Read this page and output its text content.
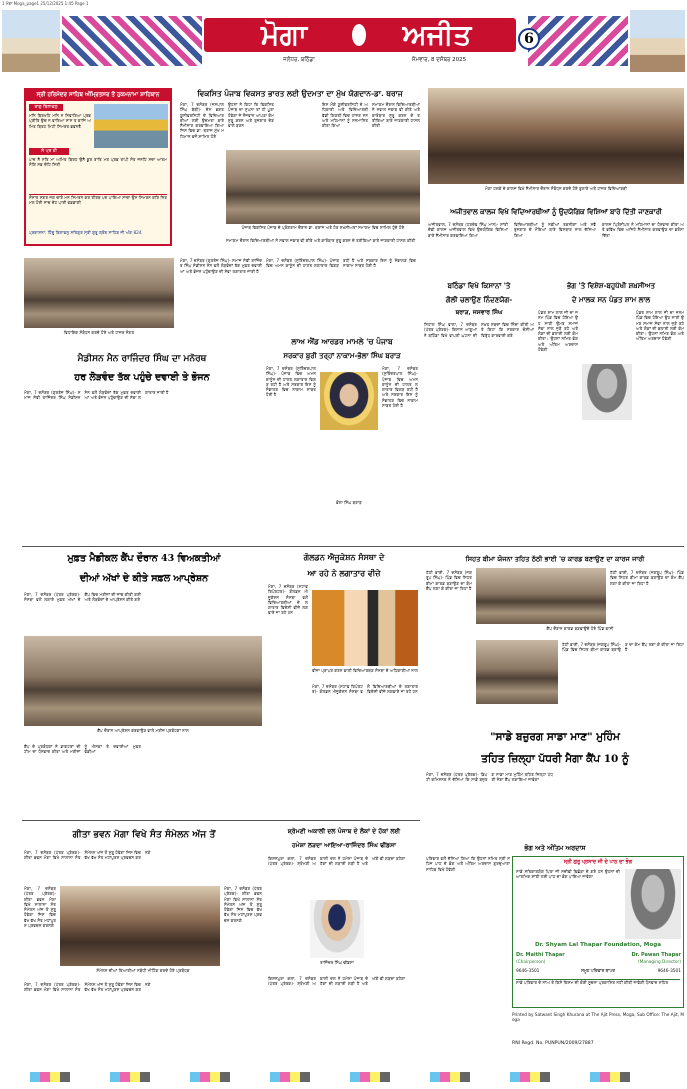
1 ਮੋਗਾ Moga_page1 25/12/2025 1:45 Page 1
ਮੋਗਾ	ਅਜੀਤ
ਜਲੰਧਰ, ਬਠਿੰਡਾ	ਸੋਮਵਾਰ, 8 ਦਸੰਬਰ 2025
6
ਸ੍ਰੀ ਹਰਿਮੰਦਰ ਸਾਹਿਬ ਅੰਮ੍ਰਿਤਸਰ ਤੋਂ ਹੁਕਮਨਾਮਾ ਸ਼ਾਹਿਬਾਨ
ਰਾਗੁ ਬਿਲਾਵਲੁ
ਮਨਿ ਬਿਰਖਹਿ ਮਨਿ ਨ ਨਿਵਾਰਿਆ ਪ੍ਰਭ ਪ੍ਰੀਤਿ ਉਚ ਨ ਵਾਰਿਆ ਸਾਸ ਤ ਕਾਜਿ ਅਮਿਤ ਬਿਰਹ ਮਿਟੀ ਸਿਮਰਤ ਭਵਨਤੈ
ਸੋ ਪ੍ਰ ਹੀ
ਪਾਦ ਨੈ ਸਤਿ ਮਾ ਅਮਿਤ ਬਿਰਹ ਉਨੈ ਕੂਰ ਰਾਤਿ ਮਤ ਪ੍ਰਭ ਤਾਪੀ ਸੰਤ ਜਨਹਿ ਸਦਾ ਆਤਮ ਸੰਗਿ ਸਭ ਦੇਹਿ ਸਿਰੀ
ਸੰਸਾਰ ਸਗਰ ਜਗ ਚਾਰੇ ਮਨ ਸਿਮਰਨ ਕਰ ਤੀਰਥ ਪਦ ਪਾਇਆ ਸਾਚਾ ਉਸ ਸਿਮਰਨ ਕਰਿ ਨਿਰਮਲ ਹੋਈ ਸਾਚ ਦੇਹ ਪਾਈ ਵਡਭਾਗੀ
ਪ੍ਰਕਾਸ਼ਨਾ: ਹਿੰਦੂ ਬਿਲਾਵਲੁ ਸਤਿਗੁਰ ਸ੍ਰੀ ਗੁਰੂ ਗ੍ਰੰਥ ਸਾਹਿਬ ਜੀ ਅੰਗ 824
ਵਿਕਸਿਤ ਪੰਜਾਬ ਵਿਕਸਤ ਭਾਰਤ ਲਈ ਉਦਮਤਾ ਦਾ ਮੁੱਖ ਯੋਗਦਾਨ-ਡਾ. ਥਰਾਜ
ਮੋਗਾ, 7 ਦਸੰਬਰ (ਜਸਪਾਲ ਸਿੰਘ ਬੱਬੀ)- ਦੇਸ ਭਗਤ ਯੂਨੀਵਰਸਿਟੀ ਦੇ ਵਿਦਿਆਰਥੀਆਂ ਲਈ ਉਦਮਤਾ ਬਾਰੇ ਸੈਮੀਨਾਰ ਕਰਵਾਇਆ ਗਿਆ ਜਿਸ ਵਿਚ ਡਾ. ਥਰਾਜ ਮੁੱਖ ਮਹਿਮਾਨ ਵਜੋਂ ਸ਼ਾਮਿਲ ਹੋਏ
ਉਹਨਾਂ ਨੇ ਕਿਹਾ ਕਿ ਵਿਕਸਿਤ ਪੰਜਾਬ ਦਾ ਸੁਪਨਾ ਤਾਂ ਹੀ ਪੂਰਾ ਹੋਵੇਗਾ ਜੇ ਨੌਜਵਾਨ ਆਪਣਾ ਕੰਮ ਸ਼ੁਰੂ ਕਰਨ ਅਤੇ ਰੁਜ਼ਗਾਰ ਦੇਣ ਵਾਲੇ ਬਣਨ
ਇਸ ਮੌਕੇ ਯੂਨੀਵਰਸਿਟੀ ਦੇ ਅਧਿਕਾਰੀ ਅਤੇ ਵਿਦਿਆਰਥੀ ਵੱਡੀ ਗਿਣਤੀ ਵਿਚ ਹਾਜ਼ਰ ਸਨ ਅਤੇ ਮਹਿਮਾਨਾਂ ਨੂੰ ਸਨਮਾਨਿਤ ਕੀਤਾ ਗਿਆ
ਸਮਾਗਮ ਦੌਰਾਨ ਵਿਦਿਆਰਥੀਆਂ ਨੇ ਸਵਾਲ ਜਵਾਬ ਵੀ ਕੀਤੇ ਅਤੇ ਕਾਰੋਬਾਰ ਸ਼ੁਰੂ ਕਰਨ ਦੇ ਤਰੀਕਿਆਂ ਬਾਰੇ ਜਾਣਕਾਰੀ ਹਾਸਲ ਕੀਤੀ
ਪੰਜਾਬ ਵਿਕਸਿਤ ਪੰਜਾਬ ਦੇ ਪ੍ਰੋਗਰਾਮ ਦੌਰਾਨ ਡਾ. ਥਰਾਜ ਅਤੇ ਹੋਰ ਸ਼ਖ਼ਸੀਅਤਾਂ ਸਮਾਗਮ ਵਿਚ ਸ਼ਾਮਿਲ ਹੁੰਦੇ ਹੋਏ
ਸਮਾਗਮ ਦੌਰਾਨ ਵਿਦਿਆਰਥੀਆਂ ਨੇ ਸਵਾਲ ਜਵਾਬ ਵੀ ਕੀਤੇ ਅਤੇ ਕਾਰੋਬਾਰ ਸ਼ੁਰੂ ਕਰਨ ਦੇ ਤਰੀਕਿਆਂ ਬਾਰੇ ਜਾਣਕਾਰੀ ਹਾਸਲ ਕੀਤੀ
ਮੋਗਾ ਹਲਕੇ ਦੇ ਕਾਲਜ ਵਿਖੇ ਸੈਮੀਨਾਰ ਦੌਰਾਨ ਸੰਬੋਧਨ ਕਰਦੇ ਹੋਏ ਬੁਲਾਰੇ ਅਤੇ ਹਾਜ਼ਰ ਵਿਦਿਆਰਥੀ
ਅਜੀਤਵਾਲ ਕਾਲਜ ਵਿਖੇ ਵਿਦਿਆਰਥੀਆਂ ਨੂੰ ਉਦਯੋਗਿਕ ਵਿਸ਼ਿਆਂ ਬਾਰੇ ਦਿੱਤੀ ਜਾਣਕਾਰੀ
ਅਜੀਤਵਾਲ, 7 ਦਸੰਬਰ (ਹਰਦੇਵ ਸਿੰਘ ਮਾਨ)- ਸ਼ਾਂਤੀ ਦੇਵੀ ਕਾਲਜ ਅਜੀਤਵਾਲ ਵਿਖੇ ਉਦਯੋਗਿਕ ਵਿਸ਼ਿਆਂ ਬਾਰੇ ਸੈਮੀਨਾਰ ਕਰਵਾਇਆ ਗਿਆ
ਵਿਦਿਆਰਥੀਆਂ ਨੂੰ ਨਵੀਆਂ ਤਕਨੀਕਾਂ ਅਤੇ ਸਵੈ ਰੁਜ਼ਗਾਰ ਦੇ ਮੌਕਿਆਂ ਬਾਰੇ ਵਿਸਥਾਰ ਨਾਲ ਦੱਸਿਆ ਗਿਆ
ਕਾਲਜ ਪ੍ਰਿੰਸੀਪਲ ਨੇ ਮਹਿਮਾਨਾਂ ਦਾ ਧੰਨਵਾਦ ਕੀਤਾ ਅਤੇ ਭਵਿੱਖ ਵਿਚ ਅਜਿਹੇ ਸੈਮੀਨਾਰ ਕਰਵਾਉਣ ਦਾ ਭਰੋਸਾ ਦਿੱਤਾ
ਵਿਧਾਇਕ ਸੰਬੋਧਨ ਕਰਦੇ ਹੋਏ ਅਤੇ ਹਾਜ਼ਰ ਸੰਗਤ
ਮੋਗਾ, 7 ਦਸੰਬਰ (ਗੁਰਤੇਜ ਸਿੰਘ)- ਸਮਾਜ ਸੇਵੀ ਰਾਜਿੰਦਰ ਸਿੰਘ ਮੈਡੀਸਨ ਮੈਨ ਵਲੋਂ ਲੋੜਵੰਦਾਂ ਤੱਕ ਮੁਫ਼ਤ ਦਵਾਈਆਂ ਅਤੇ ਭੋਜਨ ਪਹੁੰਚਾਉਣ ਦੀ ਸੇਵਾ ਲਗਾਤਾਰ ਜਾਰੀ ਹੈ
ਮੈਡੀਸਨ ਮੈਨ ਰਾਜਿੰਦਰ ਸਿੰਘ ਦਾ ਮਨੋਰਥ
ਹਰ ਲੋੜਵੰਦ ਤੱਕ ਪਹੁੰਚੇ ਦਵਾਈ ਤੇ ਭੋਜਨ
ਮੋਗਾ, 7 ਦਸੰਬਰ (ਗੁਰਤੇਜ ਸਿੰਘ)- ਸਮਾਜ ਸੇਵੀ ਰਾਜਿੰਦਰ ਸਿੰਘ ਮੈਡੀਸਨ ਮੈਨ ਵਲੋਂ ਲੋੜਵੰਦਾਂ ਤੱਕ ਮੁਫ਼ਤ ਦਵਾਈਆਂ ਅਤੇ ਭੋਜਨ ਪਹੁੰਚਾਉਣ ਦੀ ਸੇਵਾ ਲਗਾਤਾਰ ਜਾਰੀ ਹੈ
ਮੋਗਾ, 7 ਦਸੰਬਰ (ਸੁਰਿੰਦਰਪਾਲ ਸਿੰਘ)- ਪੰਜਾਬ ਵਿਚ ਅਮਨ ਕਾਨੂੰਨ ਦੀ ਹਾਲਤ ਲਗਾਤਾਰ ਵਿਗੜ ਰਹੀ ਹੈ ਅਤੇ ਸਰਕਾਰ ਇਸ ਨੂੰ ਸੰਭਾਲਣ ਵਿਚ ਨਾਕਾਮ ਸਾਬਤ ਹੋਈ ਹੈ
ਲਾਅ ਐਂਡ ਆਰਡਰ ਮਾਮਲੇ 'ਚ ਪੰਜਾਬ
ਸਰਕਾਰ ਬੁਰੀ ਤਰ੍ਹਾਂ ਨਾਕਾਮ-ਭੋਲਾ ਸਿੰਘ ਬਰਾੜ
ਮੋਗਾ, 7 ਦਸੰਬਰ (ਸੁਰਿੰਦਰਪਾਲ ਸਿੰਘ)- ਪੰਜਾਬ ਵਿਚ ਅਮਨ ਕਾਨੂੰਨ ਦੀ ਹਾਲਤ ਲਗਾਤਾਰ ਵਿਗੜ ਰਹੀ ਹੈ ਅਤੇ ਸਰਕਾਰ ਇਸ ਨੂੰ ਸੰਭਾਲਣ ਵਿਚ ਨਾਕਾਮ ਸਾਬਤ ਹੋਈ ਹੈ
ਭੋਲਾ ਸਿੰਘ ਬਰਾੜ
ਮੋਗਾ, 7 ਦਸੰਬਰ (ਸੁਰਿੰਦਰਪਾਲ ਸਿੰਘ)- ਪੰਜਾਬ ਵਿਚ ਅਮਨ ਕਾਨੂੰਨ ਦੀ ਹਾਲਤ ਲਗਾਤਾਰ ਵਿਗੜ ਰਹੀ ਹੈ ਅਤੇ ਸਰਕਾਰ ਇਸ ਨੂੰ ਸੰਭਾਲਣ ਵਿਚ ਨਾਕਾਮ ਸਾਬਤ ਹੋਈ ਹੈ
ਬਠਿੰਡਾ ਵਿਖੇ ਕਿਸਾਨਾਂ 'ਤੇ
ਗੋਲੀ ਚਲਾਉਣ ਨਿੰਦਣਯੋਗ-
ਬਰਾੜ, ਜਸਵਾਰ ਸਿੰਘ
ਨਿਹਾਲ ਸਿੰਘ ਵਾਲਾ, 7 ਦਸੰਬਰ (ਪੱਤਰ ਪ੍ਰੇਰਕ)- ਕਿਸਾਨ ਆਗੂਆਂ ਨੇ ਬਠਿੰਡਾ ਵਿਖੇ ਵਾਪਰੀ ਘਟਨਾ ਦੀ ਸਖ਼ਤ ਸ਼ਬਦਾਂ ਵਿਚ ਨਿੰਦਾ ਕੀਤੀ ਅਤੇ ਕਿਹਾ ਕਿ ਸਰਕਾਰ ਦੋਸ਼ੀਆਂ ਵਿਰੁੱਧ ਕਾਰਵਾਈ ਕਰੇ
ਭੋਗ 'ਤੇ ਵਿਸ਼ੇਸ਼-ਬਹੁਪੱਖੀ ਸ਼ਖ਼ਸੀਅਤ
ਦੇ ਮਾਲਕ ਸਨ ਪੰਡਤ ਸ਼ਾਮ ਲਾਲ
ਪੰਡਤ ਸ਼ਾਮ ਲਾਲ ਜੀ ਦਾ ਜਨਮ ਪਿੰਡ ਵਿਚ ਹੋਇਆ ਉਹ ਸਾਰੀ ਉਮਰ ਸਮਾਜ ਸੇਵਾ ਨਾਲ ਜੁੜੇ ਰਹੇ ਅਤੇ ਲੋਕਾਂ ਦੀ ਭਲਾਈ ਲਈ ਕੰਮ ਕੀਤਾ। ਉਹਨਾਂ ਨਮਿਤ ਭੋਗ ਅਤੇ ਅੰਤਿਮ ਅਰਦਾਸ ਹੋਵੇਗੀ
ਪੰਡਤ ਸ਼ਾਮ ਲਾਲ ਜੀ ਦਾ ਜਨਮ ਪਿੰਡ ਵਿਚ ਹੋਇਆ ਉਹ ਸਾਰੀ ਉਮਰ ਸਮਾਜ ਸੇਵਾ ਨਾਲ ਜੁੜੇ ਰਹੇ ਅਤੇ ਲੋਕਾਂ ਦੀ ਭਲਾਈ ਲਈ ਕੰਮ ਕੀਤਾ। ਉਹਨਾਂ ਨਮਿਤ ਭੋਗ ਅਤੇ ਅੰਤਿਮ ਅਰਦਾਸ ਹੋਵੇਗੀ
ਮੁਫ਼ਤ ਮੈਡੀਕਲ ਕੈਂਪ ਦੌਰਾਨ 43 ਵਿਅਕਤੀਆਂ
ਦੀਆਂ ਅੱਖਾਂ ਦੇ ਕੀਤੇ ਸਫ਼ਲ ਆਪ੍ਰੇਸ਼ਨ
ਮੋਗਾ, 7 ਦਸੰਬਰ (ਪੱਤਰ ਪ੍ਰੇਰਕ)- ਸੰਸਥਾ ਵਲੋਂ ਲਗਾਏ ਮੁਫ਼ਤ ਅੱਖਾਂ ਦੇ ਕੈਂਪ ਵਿਚ ਮਰੀਜ਼ਾਂ ਦੀ ਜਾਂਚ ਕੀਤੀ ਗਈ ਅਤੇ ਲੋੜਵੰਦਾਂ ਦੇ ਆਪ੍ਰੇਸ਼ਨ ਕੀਤੇ ਗਏ
ਕੈਂਪ ਦੌਰਾਨ ਆਪ੍ਰੇਸ਼ਨ ਕਰਵਾਉਣ ਵਾਲੇ ਮਰੀਜ਼ ਪ੍ਰਬੰਧਕਾਂ ਨਾਲ
ਕੈਂਪ ਦੇ ਪ੍ਰਬੰਧਕਾਂ ਨੇ ਡਾਕਟਰਾਂ ਦੀ ਟੀਮ ਦਾ ਧੰਨਵਾਦ ਕੀਤਾ ਅਤੇ ਮਰੀਜ਼ਾਂ ਨੂੰ ਐਨਕਾਂ ਤੇ ਦਵਾਈਆਂ ਮੁਫ਼ਤ ਵੰਡੀਆਂ
ਗੋਲਡਨ ਐਜੂਕੇਸ਼ਨ ਸੰਸਥਾ ਦੇ
ਆ ਰਹੇ ਨੇ ਲਗਾਤਾਰ ਵੀਜ਼ੇ
ਮੋਗਾ, 7 ਦਸੰਬਰ (ਸਟਾਫ ਰਿਪੋਰਟਰ)- ਗੋਲਡਨ ਐਜੂਕੇਸ਼ਨ ਸੰਸਥਾ ਵਲੋਂ ਵਿਦਿਆਰਥੀਆਂ ਦੇ ਲਗਾਤਾਰ ਵਿਦੇਸ਼ੀ ਵੀਜ਼ੇ ਲਗਵਾਏ ਜਾ ਰਹੇ ਹਨ
ਵੀਜ਼ਾ ਪ੍ਰਾਪਤ ਕਰਨ ਵਾਲੀ ਵਿਦਿਆਰਥਣ ਸੰਸਥਾ ਦੇ ਅਧਿਕਾਰੀਆਂ ਨਾਲ
ਮੋਗਾ, 7 ਦਸੰਬਰ (ਸਟਾਫ ਰਿਪੋਰਟਰ)- ਗੋਲਡਨ ਐਜੂਕੇਸ਼ਨ ਸੰਸਥਾ ਵਲੋਂ ਵਿਦਿਆਰਥੀਆਂ ਦੇ ਲਗਾਤਾਰ ਵਿਦੇਸ਼ੀ ਵੀਜ਼ੇ ਲਗਵਾਏ ਜਾ ਰਹੇ ਹਨ
ਸਿਹਤ ਬੀਮਾ ਯੋਜਨਾ ਤਹਿਤ ਠੱਠੀ ਭਾਈ 'ਚ ਕਾਰਡ ਬਣਾਉਣ ਦਾ ਕਾਰਜ ਜਾਰੀ
ਠੱਠੀ ਭਾਈ, 7 ਦਸੰਬਰ (ਜਗਰੂਪ ਸਿੰਘ)- ਪਿੰਡ ਵਿਚ ਸਿਹਤ ਬੀਮਾ ਕਾਰਡ ਬਣਾਉਣ ਦਾ ਕੰਮ ਕੈਂਪ ਲਗਾ ਕੇ ਕੀਤਾ ਜਾ ਰਿਹਾ ਹੈ
ਠੱਠੀ ਭਾਈ, 7 ਦਸੰਬਰ (ਜਗਰੂਪ ਸਿੰਘ)- ਪਿੰਡ ਵਿਚ ਸਿਹਤ ਬੀਮਾ ਕਾਰਡ ਬਣਾਉਣ ਦਾ ਕੰਮ ਕੈਂਪ ਲਗਾ ਕੇ ਕੀਤਾ ਜਾ ਰਿਹਾ ਹੈ
ਕੈਂਪ ਦੌਰਾਨ ਕਾਰਡ ਬਣਵਾਉਂਦੇ ਹੋਏ ਪਿੰਡ ਵਾਸੀ
ਠੱਠੀ ਭਾਈ, 7 ਦਸੰਬਰ (ਜਗਰੂਪ ਸਿੰਘ)- ਪਿੰਡ ਵਿਚ ਸਿਹਤ ਬੀਮਾ ਕਾਰਡ ਬਣਾਉਣ ਦਾ ਕੰਮ ਕੈਂਪ ਲਗਾ ਕੇ ਕੀਤਾ ਜਾ ਰਿਹਾ ਹੈ
"ਸਾਡੇ ਬਜ਼ੁਰਗ ਸਾਡਾ ਮਾਣ" ਮੁਹਿੰਮ
ਤਹਿਤ ਜ਼ਿਲ੍ਹਾ ਪੱਧਰੀ ਮੈਗਾ ਕੈਂਪ 10 ਨੂੰ
ਮੋਗਾ, 7 ਦਸੰਬਰ (ਪੱਤਰ ਪ੍ਰੇਰਕ)- ਡਿਪਟੀ ਕਮਿਸ਼ਨਰ ਨੇ ਦੱਸਿਆ ਕਿ ਸਾਡੇ ਬਜ਼ੁਰਗ ਸਾਡਾ ਮਾਣ ਮੁਹਿੰਮ ਤਹਿਤ ਜ਼ਿਲ੍ਹਾ ਪੱਧਰੀ ਮੈਗਾ ਕੈਂਪ ਲਗਾਇਆ ਜਾਵੇਗਾ
ਗੀਤਾ ਭਵਨ ਮੋਗਾ ਵਿਖੇ ਸੰਤ ਸੰਮੇਲਨ ਅੱਜ ਤੋਂ
ਮੋਗਾ, 7 ਦਸੰਬਰ (ਪੱਤਰ ਪ੍ਰੇਰਕ)- ਗੀਤਾ ਭਵਨ ਮੋਗਾ ਵਿਖੇ ਸਾਲਾਨਾ ਸੰਤ ਸੰਮੇਲਨ ਅੱਜ ਤੋਂ ਸ਼ੁਰੂ ਹੋਵੇਗਾ ਜਿਸ ਵਿਚ ਵੱਖ ਵੱਖ ਸੰਤ ਮਹਾਂਪੁਰਸ਼ ਪ੍ਰਵਚਨ ਕਰਨਗੇ
ਮੋਗਾ, 7 ਦਸੰਬਰ (ਪੱਤਰ ਪ੍ਰੇਰਕ)- ਗੀਤਾ ਭਵਨ ਮੋਗਾ ਵਿਖੇ ਸਾਲਾਨਾ ਸੰਤ ਸੰਮੇਲਨ ਅੱਜ ਤੋਂ ਸ਼ੁਰੂ ਹੋਵੇਗਾ ਜਿਸ ਵਿਚ ਵੱਖ ਵੱਖ ਸੰਤ ਮਹਾਂਪੁਰਸ਼ ਪ੍ਰਵਚਨ ਕਰਨਗੇ
ਮੋਗਾ, 7 ਦਸੰਬਰ (ਪੱਤਰ ਪ੍ਰੇਰਕ)- ਗੀਤਾ ਭਵਨ ਮੋਗਾ ਵਿਖੇ ਸਾਲਾਨਾ ਸੰਤ ਸੰਮੇਲਨ ਅੱਜ ਤੋਂ ਸ਼ੁਰੂ ਹੋਵੇਗਾ ਜਿਸ ਵਿਚ ਵੱਖ ਵੱਖ ਸੰਤ ਮਹਾਂਪੁਰਸ਼ ਪ੍ਰਵਚਨ ਕਰਨਗੇ
ਸੰਮੇਲਨ ਦੀਆਂ ਤਿਆਰੀਆਂ ਸਬੰਧੀ ਮੀਟਿੰਗ ਕਰਦੇ ਹੋਏ ਪ੍ਰਬੰਧਕ
ਮੋਗਾ, 7 ਦਸੰਬਰ (ਪੱਤਰ ਪ੍ਰੇਰਕ)- ਗੀਤਾ ਭਵਨ ਮੋਗਾ ਵਿਖੇ ਸਾਲਾਨਾ ਸੰਤ ਸੰਮੇਲਨ ਅੱਜ ਤੋਂ ਸ਼ੁਰੂ ਹੋਵੇਗਾ ਜਿਸ ਵਿਚ ਵੱਖ ਵੱਖ ਸੰਤ ਮਹਾਂਪੁਰਸ਼ ਪ੍ਰਵਚਨ ਕਰਨਗੇ
ਸ਼੍ਰੋਮਣੀ ਅਕਾਲੀ ਦਲ ਪੰਜਾਬ ਦੇ ਲੋਕਾਂ ਦੇ ਹੱਕਾਂ ਲਈ
ਹਮੇਸ਼ਾ ਲੜਦਾ ਆਇਆ-ਰਾਜਿੰਦਰ ਸਿੰਘ ਢੀਂਡਸਾ
ਕਿਸ਼ਨਪੁਰਾ ਕਲਾਂ, 7 ਦਸੰਬਰ (ਪੱਤਰ ਪ੍ਰੇਰਕ)- ਸ਼੍ਰੋਮਣੀ ਅਕਾਲੀ ਦਲ ਨੇ ਹਮੇਸ਼ਾ ਪੰਜਾਬ ਦੇ ਹੱਕਾਂ ਦੀ ਲੜਾਈ ਲੜੀ ਹੈ ਅਤੇ ਅੱਗੇ ਵੀ ਲੜਦਾ ਰਹੇਗਾ
ਰਾਜਿੰਦਰ ਸਿੰਘ ਢੀਂਡਸਾ
ਕਿਸ਼ਨਪੁਰਾ ਕਲਾਂ, 7 ਦਸੰਬਰ (ਪੱਤਰ ਪ੍ਰੇਰਕ)- ਸ਼੍ਰੋਮਣੀ ਅਕਾਲੀ ਦਲ ਨੇ ਹਮੇਸ਼ਾ ਪੰਜਾਬ ਦੇ ਹੱਕਾਂ ਦੀ ਲੜਾਈ ਲੜੀ ਹੈ ਅਤੇ ਅੱਗੇ ਵੀ ਲੜਦਾ ਰਹੇਗਾ
ਭੋਗ ਅਤੇ ਅੰਤਿਮ ਅਰਦਾਸ
ਪਰਿਵਾਰ ਵਲੋਂ ਦੱਸਿਆ ਗਿਆ ਕਿ ਉਹਨਾਂ ਨਮਿਤ ਸ੍ਰੀ ਸਹਿਜ ਪਾਠ ਦੇ ਭੋਗ ਅਤੇ ਅੰਤਿਮ ਅਰਦਾਸ ਗੁਰਦੁਆਰਾ ਸਾਹਿਬ ਵਿਖੇ ਹੋਵੇਗੀ
ਸ੍ਰੀ ਗੁਰੂ ਪ੍ਰਸਾਦ ਜੀ ਦੇ ਪਾਠ ਦਾ ਭੋਗ
ਸਾਡੇ ਸਤਿਕਾਰਯੋਗ ਪਿਤਾ ਜੀ ਸਦੀਵੀ ਵਿਛੋੜਾ ਦੇ ਗਏ ਹਨ ਉਹਨਾਂ ਦੀ ਆਤਮਿਕ ਸ਼ਾਂਤੀ ਲਈ ਪਾਠ ਦਾ ਭੋਗ ਪਾਇਆ ਜਾਵੇਗਾ
Dr. Shyam Lal Thapar Foundation, Moga
Dr. Maithi Thapar	Dr. Pawan Thapar
(Chairperson)	(Managing Director)
9646-3501	ਸਮੂਹ ਪਰਿਵਾਰ ਥਾਪਰ	9646-3501
ਸਾਡੇ ਪਰਿਵਾਰ ਦੇ ਨਾਂਅ ਤੇ ਕਿਸੇ ਕਿਸਮ ਦੀ ਕੋਈ ਸੂਚਨਾ ਪ੍ਰਕਾਸ਼ਿਤ ਨਹੀਂ ਕੀਤੀ ਜਾਵੇਗੀ ਧੰਨਵਾਦ ਸਹਿਤ
Printed by Satwant Singh Khurana at The Ajit Press, Moga, Sub Office: The Ajit, Moga
RNI Regd. No. PUNPUN/2009/27887
